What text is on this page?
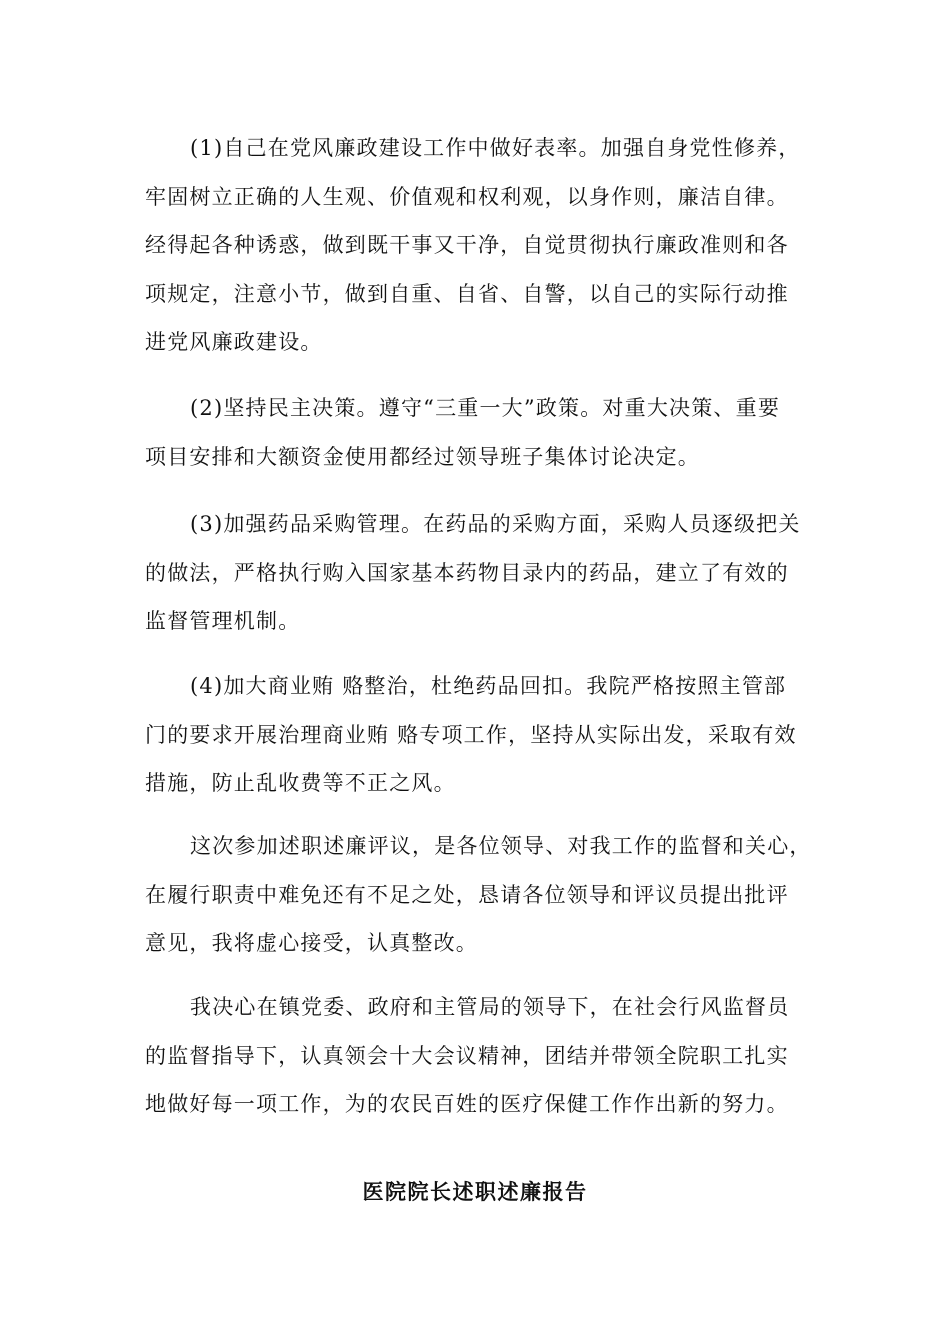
(1)自己在党风廉政建设工作中做好表率。加强自身党性修养，
牢固树立正确的人生观、价值观和权利观，以身作则，廉洁自律。
经得起各种诱惑，做到既干事又干净，自觉贯彻执行廉政准则和各
项规定，注意小节，做到自重、自省、自警，以自己的实际行动推
进党风廉政建设。
(2)坚持民主决策。遵守“三重一大”政策。对重大决策、重要
项目安排和大额资金使用都经过领导班子集体讨论决定。
(3)加强药品采购管理。在药品的采购方面，采购人员逐级把关
的做法，严格执行购入国家基本药物目录内的药品，建立了有效的
监督管理机制。
(4)加大商业贿 赂整治，杜绝药品回扣。我院严格按照主管部
门的要求开展治理商业贿 赂专项工作，坚持从实际出发，采取有效
措施，防止乱收费等不正之风。
这次参加述职述廉评议，是各位领导、对我工作的监督和关心，
在履行职责中难免还有不足之处，恳请各位领导和评议员提出批评
意见，我将虚心接受，认真整改。
我决心在镇党委、政府和主管局的领导下，在社会行风监督员
的监督指导下，认真领会十大会议精神，团结并带领全院职工扎实
地做好每一项工作，为的农民百姓的医疗保健工作作出新的努力。
医院院长述职述廉报告
